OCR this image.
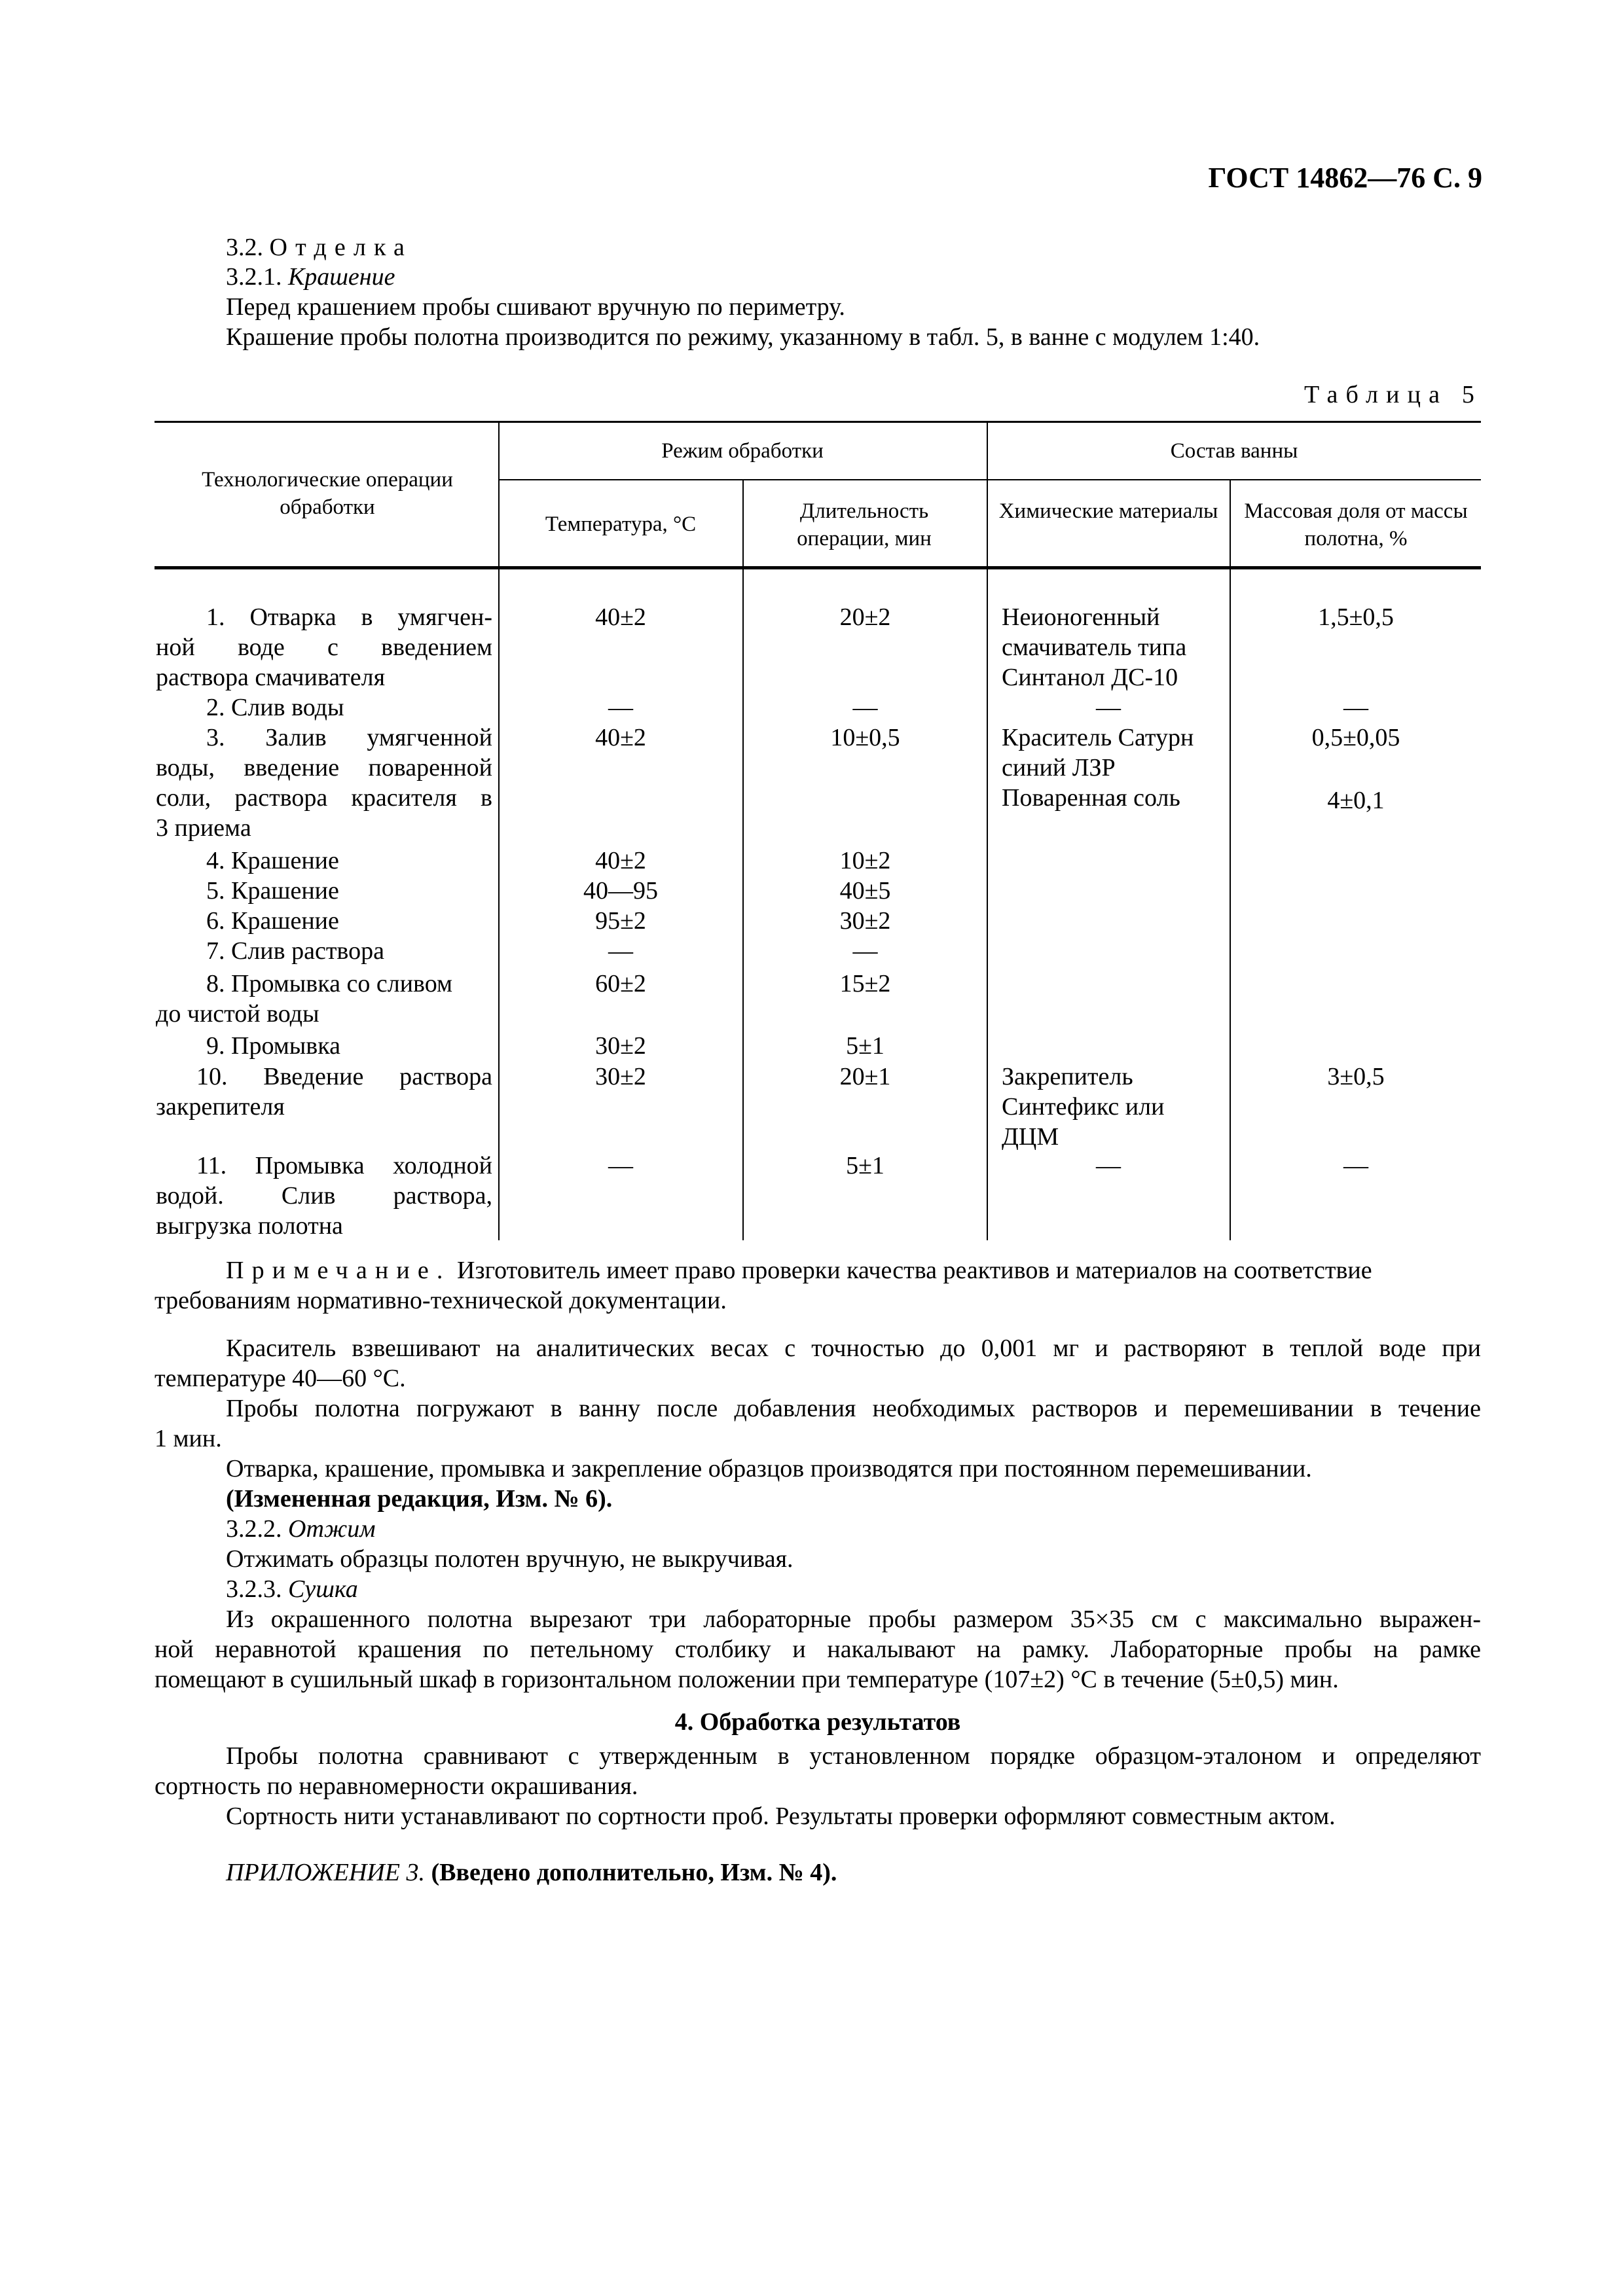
ГОСТ 14862—76 С. 9
3.2. Отделка
3.2.1. Крашение
Перед крашением пробы сшивают вручную по периметру.
Крашение пробы полотна производится по режиму, указанному в табл. 5, в ванне с модулем 1:40.
Таблица 5
Технологические операции обработки
Режим обработки	Состав ванны
Температура, °С
Длительность операции, мин
Химические материалы	Массовая доля от массы полотна, %
1. Отварка в умягчен-
ной воде с введением
раствора смачивателя
2. Слив воды
3. Залив умягченной
воды, введение поваренной
соли, раствора красителя в
3 приема
4. Крашение
5. Крашение
6. Крашение
7. Слив раствора
8. Промывка со сливом
до чистой воды
9. Промывка
10. Введение раствора
закрепителя
11. Промывка холодной
водой. Слив раствора,
выгрузка полотна
40±2
—
40±2
40±2
40—95
95±2
—
60±2
30±2
30±2
—
20±2
—
10±0,5
10±2
40±5
30±2
—
15±2
5±1
20±1
5±1
Неионогенный
смачиватель типа
Синтанол ДС-10
—
Краситель Сатурн
синий ЛЗР
Поваренная соль
Закрепитель
Синтефикс или
ДЦМ
—
1,5±0,5
—
0,5±0,05
4±0,1
3±0,5
—
Примечание. Изготовитель имеет право проверки качества реактивов и материалов на соответствие
требованиям нормативно-технической документации.
Краситель взвешивают на аналитических весах с точностью до 0,001 мг и растворяют в теплой воде при
температуре 40—60 °С.
Пробы полотна погружают в ванну после добавления необходимых растворов и перемешивании в течение
1 мин.
Отварка, крашение, промывка и закрепление образцов производятся при постоянном перемешивании.
(Измененная редакция, Изм. № 6).
3.2.2. Отжим
Отжимать образцы полотен вручную, не выкручивая.
3.2.3. Сушка
Из окрашенного полотна вырезают три лабораторные пробы размером 35×35 см с максимально выражен-
ной неравнотой крашения по петельному столбику и накалывают на рамку. Лабораторные пробы на рамке
помещают в сушильный шкаф в горизонтальном положении при температуре (107±2) °С в течение (5±0,5) мин.
4. Обработка результатов
Пробы полотна сравнивают с утвержденным в установленном порядке образцом-эталоном и определяют
сортность по неравномерности окрашивания.
Сортность нити устанавливают по сортности проб. Результаты проверки оформляют совместным актом.
ПРИЛОЖЕНИЕ 3. (Введено дополнительно, Изм. № 4).
